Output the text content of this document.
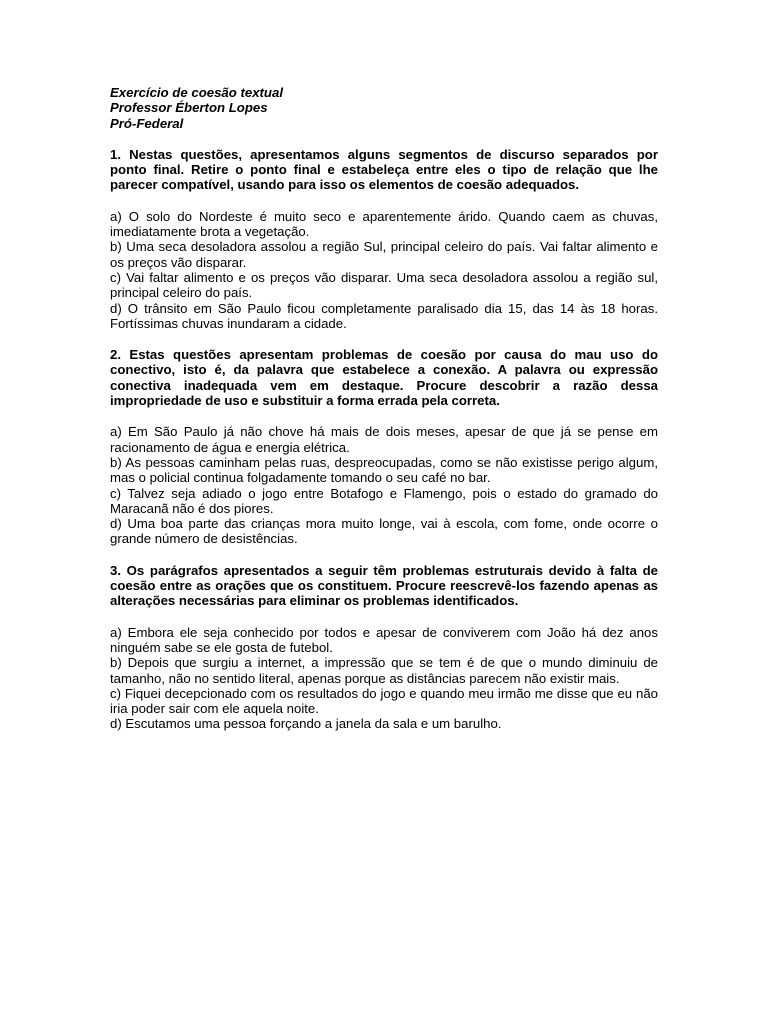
Exercício de coesão textual

Professor Éberton Lopes

Pró-Federal

1. Nestas questões, apresentamos alguns segmentos de discurso separados por ponto final. Retire o ponto final e estabeleça entre eles o tipo de relação que lhe parecer compatível, usando para isso os elementos de coesão adequados.

a) O solo do Nordeste é muito seco e aparentemente árido. Quando caem as chuvas, imediatamente brota a vegetação.

b) Uma seca desoladora assolou a região Sul, principal celeiro do país. Vai faltar alimento e os preços vão disparar.

c) Vai faltar alimento e os preços vão disparar. Uma seca desoladora assolou a região sul, principal celeiro do país.

d) O trânsito em São Paulo ficou completamente paralisado dia 15, das 14 às 18 horas. Fortíssimas chuvas inundaram a cidade.

2. Estas questões apresentam problemas de coesão por causa do mau uso do conectivo, isto é, da palavra que estabelece a conexão. A palavra ou expressão conectiva inadequada vem em destaque. Procure descobrir a razão dessa impropriedade de uso e substituir a forma errada pela correta.

a) Em São Paulo já não chove há mais de dois meses, apesar de que já se pense em racionamento de água e energia elétrica.

b) As pessoas caminham pelas ruas, despreocupadas, como se não existisse perigo algum, mas o policial continua folgadamente tomando o seu café no bar.

c) Talvez seja adiado o jogo entre Botafogo e Flamengo, pois o estado do gramado do Maracanã não é dos piores.

d) Uma boa parte das crianças mora muito longe, vai à escola, com fome, onde ocorre o grande número de desistências.

3. Os parágrafos apresentados a seguir têm problemas estruturais devido à falta de coesão entre as orações que os constituem. Procure reescrevê-los fazendo apenas as alterações necessárias para eliminar os problemas identificados.

a) Embora ele seja conhecido por todos e apesar de conviverem com João há dez anos ninguém sabe se ele gosta de futebol.

b) Depois que surgiu a internet, a impressão que se tem é de que o mundo diminuiu de tamanho, não no sentido literal, apenas porque as distâncias parecem não existir mais.

c) Fiquei decepcionado com os resultados do jogo e quando meu irmão me disse que eu não iria poder sair com ele aquela noite.

d) Escutamos uma pessoa forçando a janela da sala e um barulho.
